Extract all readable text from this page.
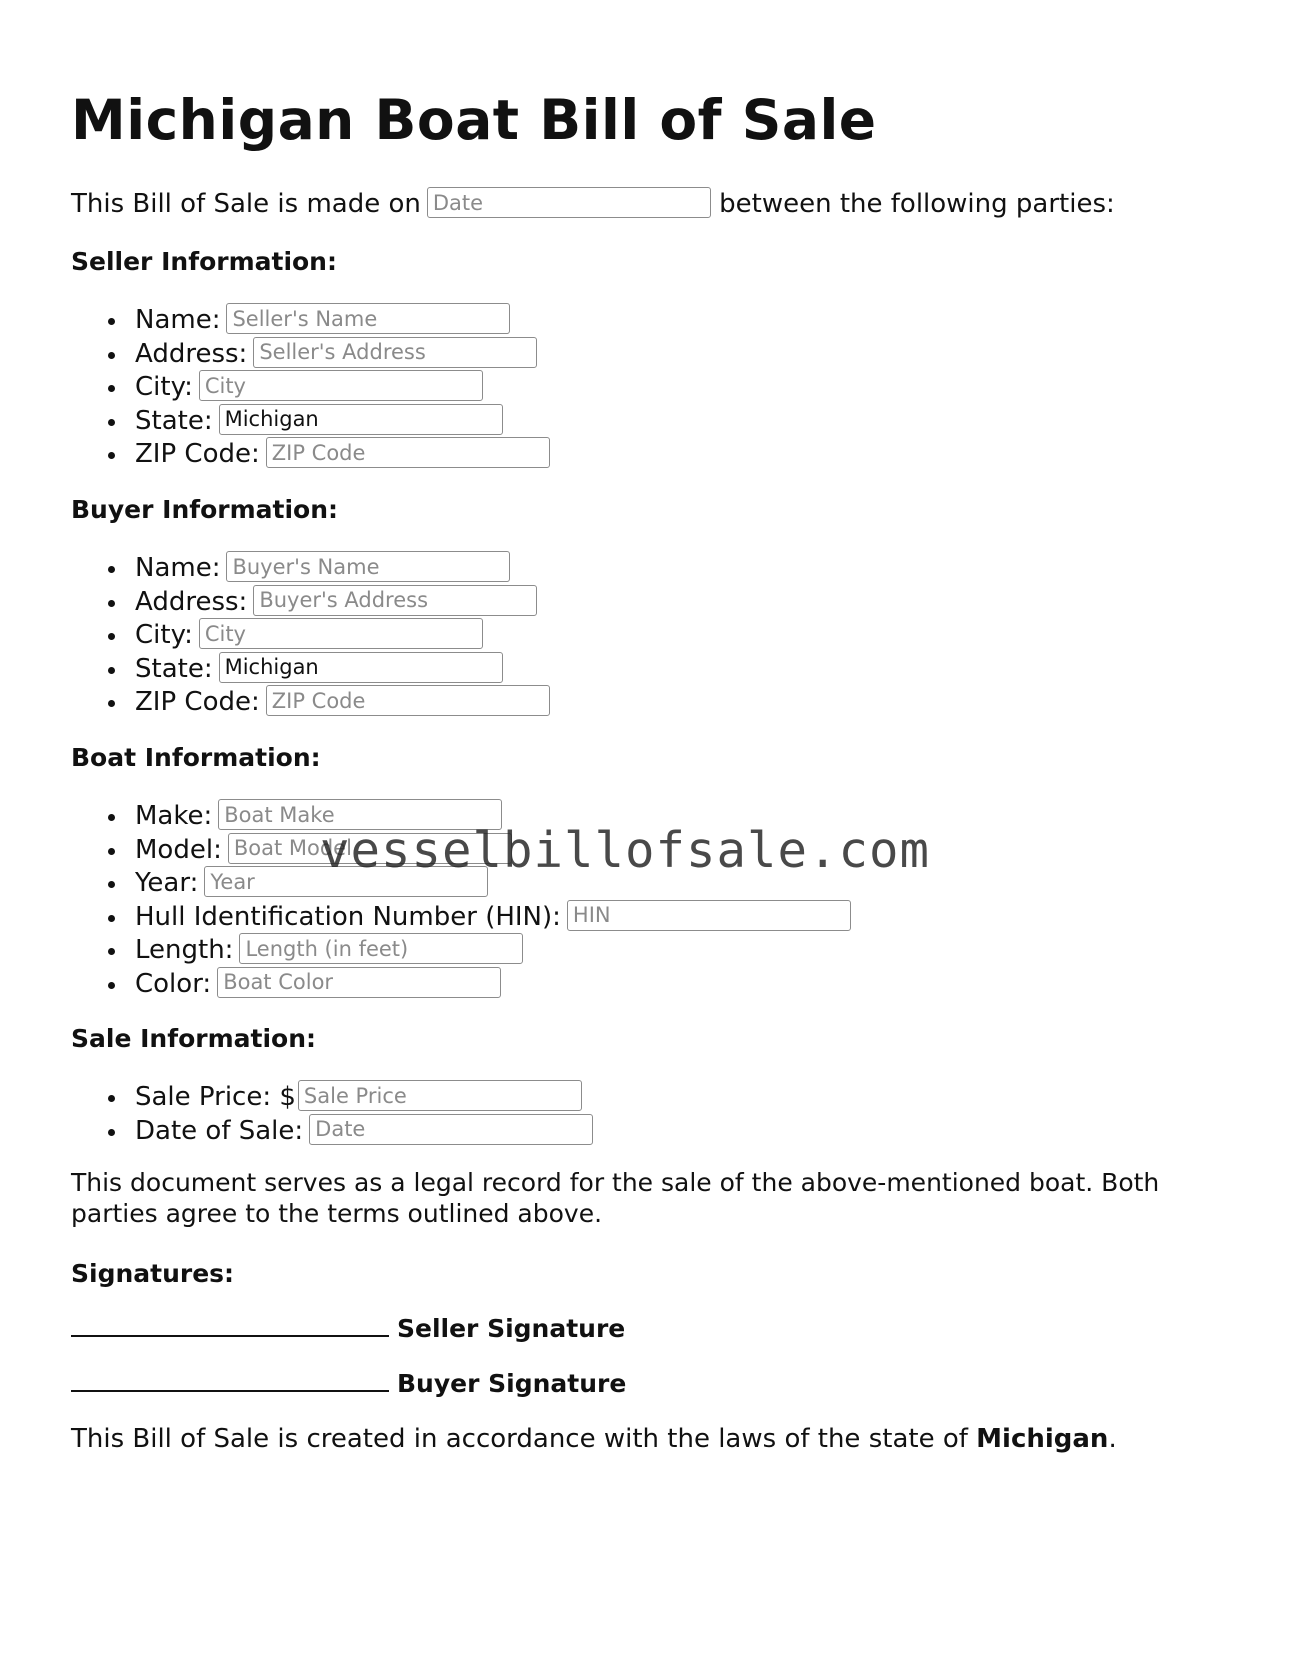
Michigan Boat Bill of Sale
This Bill of Sale is made onDate	between the following parties:
Seller Information:
Name:Seller's Name
Address:Seller's Address
City:City
State:Michigan
ZIP Code:ZIP Code
Buyer Information:
Name:Buyer's Name
Address:Buyer's Address
City:City
State:Michigan
ZIP Code:ZIP Code
Boat Information:
Make:Boat Make
Model:Boat Model
Year:Year
Hull Identification Number (HIN):HIN
Length:Length (in feet)
Color:Boat Color
Sale Information:
Sale Price: $Sale Price
Date of Sale:Date
This document serves as a legal record for the sale of the above-mentioned boat. Both parties agree to the terms outlined above.
Signatures:
Seller Signature
Buyer Signature
This Bill of Sale is created in accordance with the laws of the state of Michigan.
vesselbillofsale.com
